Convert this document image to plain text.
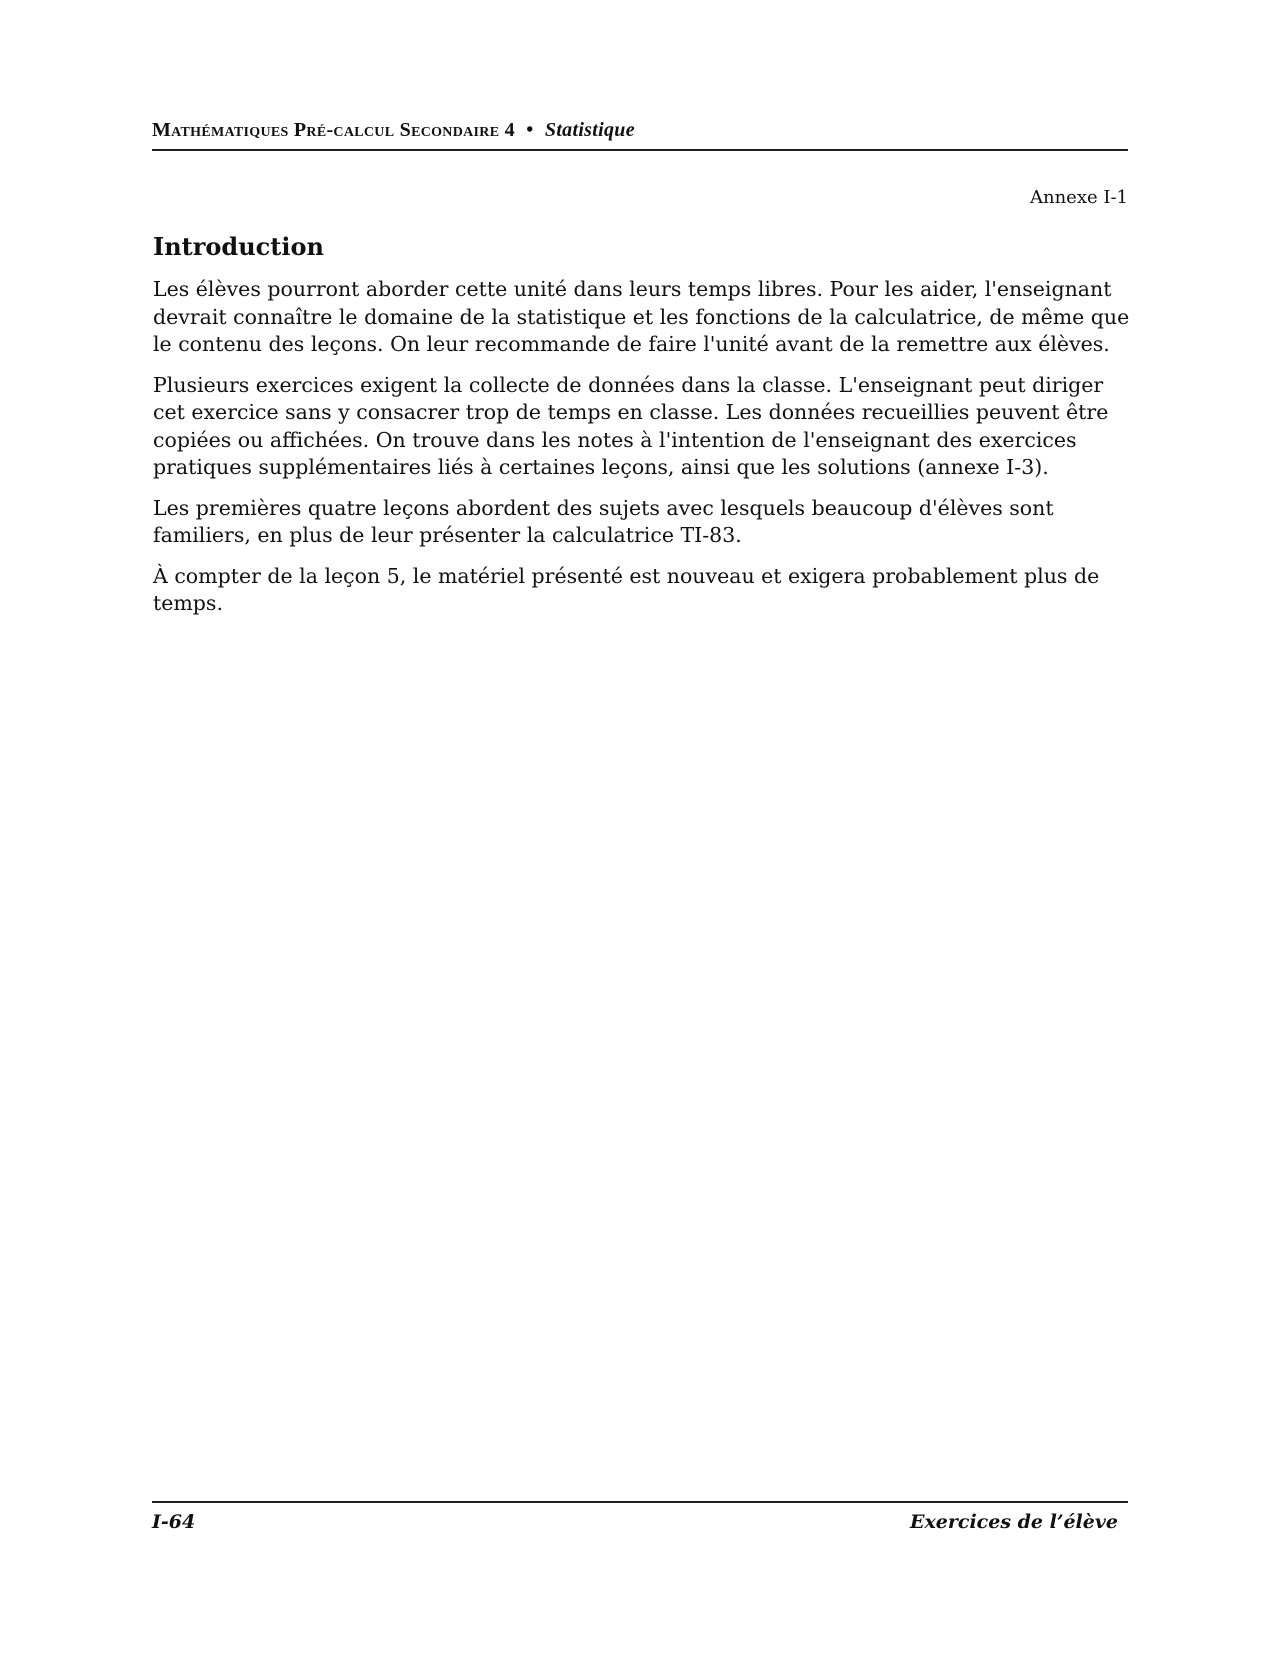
Mathématiques Pré-calcul Secondaire 4 • Statistique
Annexe I-1
Introduction

Les élèves pourront aborder cette unité dans leurs temps libres. Pour les aider, l'enseignant devrait connaître le domaine de la statistique et les fonctions de la calculatrice, de même que le contenu des leçons. On leur recommande de faire l'unité avant de la remettre aux élèves.

Plusieurs exercices exigent la collecte de données dans la classe. L'enseignant peut diriger cet exercice sans y consacrer trop de temps en classe. Les données recueillies peuvent être copiées ou affichées. On trouve dans les notes à l'intention de l'enseignant des exercices pratiques supplémentaires liés à certaines leçons, ainsi que les solutions (annexe I-3).

Les premières quatre leçons abordent des sujets avec lesquels beaucoup d'élèves sont familiers, en plus de leur présenter la calculatrice TI-83.

À compter de la leçon 5, le matériel présenté est nouveau et exigera probablement plus de temps.

I-64	Exercices de l’élève
